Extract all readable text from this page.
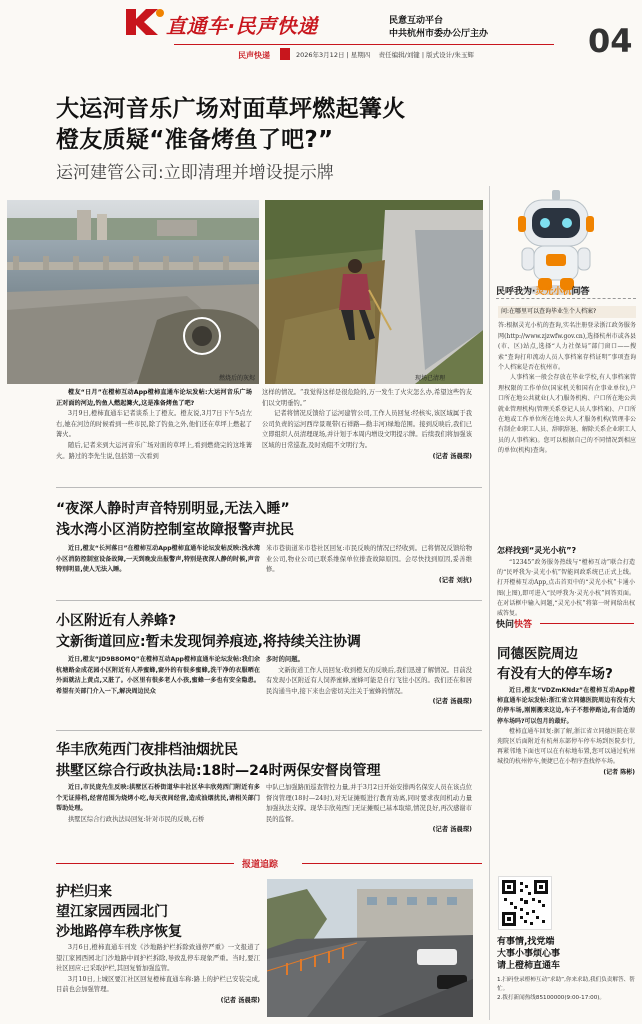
直通车·民声快递	民意互动平台
中共杭州市委办公厅主办
民声快递	2026年3月12日 | 星期四 责任编辑/刘键 | 版式设计/朱玉辉	04
大运河音乐广场对面草坪燃起篝火
橙友质疑“准备烤鱼了吧?”
运河建管公司:立即清理并增设提示牌
燃烧后的灰烬	现场已清理

橙友“日月”在橙柿互动App橙柿直通车论坛发帖:大运河音乐广场正对面的河边,钓鱼人燃起篝火,这是准备烤鱼了吧?

3月9日,橙柿直通车记者谈系上了橙友。橙友说,3月7日下午5点左右,她在河边的时候看到一些市民,除了钓鱼之外,他们还在草坪上燃起了篝火。

随后,记者来到大运河音乐广场对面的草坪上,看到燃烧完的这堆篝火。路过的李先生说,包括第一次看到

这样的情况。“我觉得这样是很危险的,万一发生了火灾怎么办,希望这些钓友们以文明垂钓。”

记者将情况反馈给了运河建管公司,工作人员回复:经核实,该区域属于我公司负责的运河西岸景观带(石祥路—勤丰河)绿地范围。接到反映后,我们已立即组织人员清理现场,并计划于本周内增设文明提示牌。后续我们将加强该区域的日常巡查,及时劝阻不文明行为。

(记者 汤晨琛)

民呼我为·灵光小杭问答

问:在哪里可以查询毕业生个人档案?

答:根据灵光小杭的查询,实名注册登录浙江政务服务网(http://www.zjzwfw.gov.cn),选择杭州市或各县(市、区)站点,选择“人力社保局”部门窗口——搜索“查询打印流动人员人事档案存档证明”事项查询个人档案是否在杭州市。

人事档案一般会存放在毕业学校,有人事档案管理权限的工作单位(国家机关和国有企事业单位),户口所在地公共就业(人才)服务机构、户口所在地公共就业管理机构(管理关系登记人员人事档案)、户口所在地或工作单位所在地公共人才服务机构(管理非公有制企业职工人员、辞职辞退、解除关系企业职工人员的人事档案)。您可以根据自己的不同情况到相应的单位(机构)查询。

怎样找到“灵光小杭”?
“12345”政务服务热线与“橙柿互动”联合打造的“民呼我为·灵光小杭”智能问政系统已正式上线。打开橙柿互动App,点击首页中的“灵光小杭”卡通小图(上图),即可进入“民呼我为·灵光小杭”问答页面。在对话框中输入问题,“灵光小杭”将第一时间给出权威答复。
“夜深人静时声音特别明显,无法入睡”
浅水湾小区消防控制室故障报警声扰民
近日,橙友“长河落日”在橙柿互动App橙柿直通车论坛发帖反映:浅水湾小区消防控制室设备故障,一天到晚发出报警声,特别是夜深人静的时候,声音特别明显,使人无法入睡。

米市巷街道米市巷社区回复:市民反映的情况已经收到。已将情况反馈给物业公司,物业公司已联系维保单位排查故障原因。会尽快找到原因,妥善维修。

(记者 刘抗)

小区附近有人养蜂?
文新街道回应:暂未发现饲养痕迹,将持续关注协调
近日,橙友“JD9B8OMQ”在橙柿互动App橙柿直通车论坛发帖:我们余杭塘路金成花园小区附近有人养蜜蜂,窗外的有很多蜜蜂,洗干净的衣服晒在外面就沾上黄点,又脏了。小区里有很多老人小孩,蜜蜂一多也有安全隐患。希望有关部门介入一下,解决周边民众

多时的问题。

文新街道工作人员回复:收到橙友的反映后,我们迅速了解情况。目前没有发现小区附近有人饲养蜜蜂,蜜蜂可能是自行飞往小区的。我们还在和居民沟通当中,接下来也会密切关注关于蜜蜂的情况。

(记者 汤晨琛)

华丰欣苑西门夜排档油烟扰民
拱墅区综合行政执法局:18时—24时两保安督岗管理

近日,市民庞先生反映:拱墅区石桥街道华丰社区华丰欣苑西门附近有多个无证排档,经营范围为烧烤小吃,每天夜间经营,造成油烟扰民,请相关部门帮助处理。

拱墅区综合行政执法局回复:针对市民的反映,石桥

中队已加强路面巡查管控力量,并于3月2日开始安排两名保安人员在该点位督岗管理(18时—24时),对无证摊贩进行教育劝离,同时要求夜间机动力量加强执法支撑。现华丰欣苑西门无证摊贩已基本取缔,情况良好,再次感谢市民的监督。

(记者 汤晨琛)

报道追踪
护栏归来
望江家园西园北门
沙地路停车秩序恢复

3月6日,橙柿直通车刊发《沙地路护栏拆除致通停严重》一文报道了望江家园西园北门沙地路中间护栏拆除,导致乱停车现象严重。当时,要江社区回应:已采取护栏,其回复暂加强监管。

3月10日,上城区要江社区回复橙柿直通车称:路上的护栏已安装完成,目前也会加强管理。

(记者 汤晨琛)

快问快答
同德医院周边
有没有大的停车场?

近日,橙友“VDZmKNdz”在橙柿互动App橙柿直通车论坛发帖:浙江省立同德医院周边有没有大的停车场,刚刚搬来这边,车子不想停路边,有合适的停车场吗?可以包月的最好。

橙柿直通车回复:据了解,浙江省立同德医院在翠苑院区后面附近有杭州东部停车停车场到医院步行,再紧邻地下面也可以在有标地布置,您可以通过杭州城投的杭州停车,便捷已在小程序查找停车场。

(记者 陈彬)

有事情,找党端
大事小事烦心事
请上橙柿直通车
1.扫码登录橙柿互动“求助”,你来求助,我们负责解答、帮忙。
2.拨打新闻热线85100000(9:00-17:00)。
